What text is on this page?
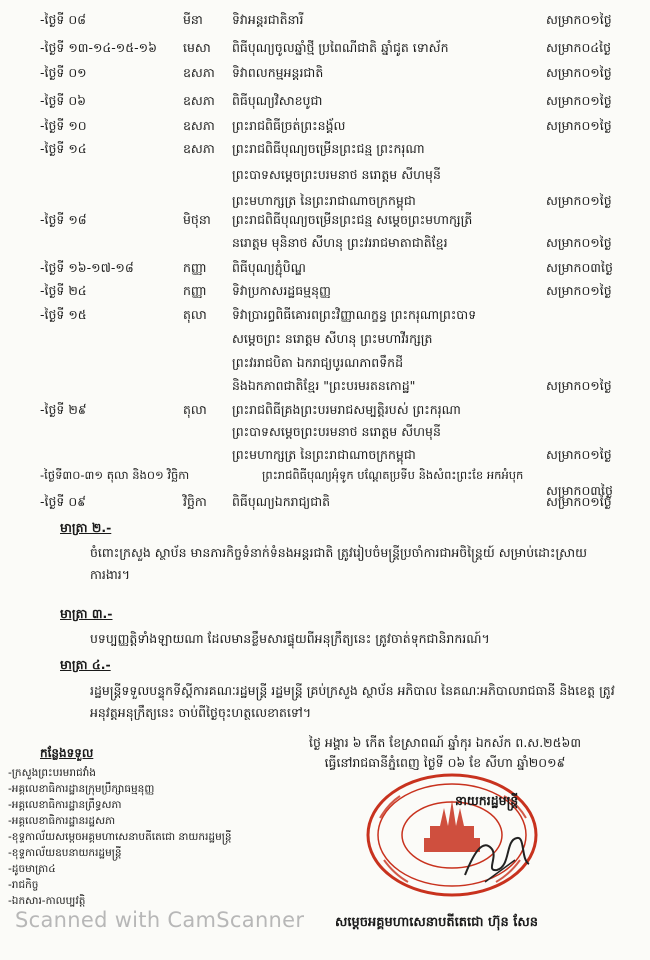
-ថ្ងៃទី ០៨	មីនា ទិវាអន្តរជាតិនារី	សម្រាក០១ថ្ងៃ
-ថ្ងៃទី ១៣-១៤-១៥-១៦ មេសា ពិធីបុណ្យចូលឆ្នាំថ្មី ប្រពៃណីជាតិ ឆ្នាំជូត ទោស័ក	សម្រាក០៤ថ្ងៃ
-ថ្ងៃទី ០១	ឧសភា ទិវាពលកម្មអន្តរជាតិ	សម្រាក០១ថ្ងៃ
-ថ្ងៃទី ០៦	ឧសភា ពិធីបុណ្យវិសាខបូជា	សម្រាក០១ថ្ងៃ
-ថ្ងៃទី ១០	ឧសភា ព្រះរាជពិធីច្រត់ព្រះនង្គ័ល	សម្រាក០១ថ្ងៃ
-ថ្ងៃទី ១៤	ឧសភា ព្រះរាជពិធីបុណ្យចម្រើនព្រះជន្ម ព្រះករុណា
ព្រះបាទសម្តេចព្រះបរមនាថ នរោត្តម សីហមុនី
ព្រះមហាក្សត្រ នៃព្រះរាជាណាចក្រកម្ពុជា	សម្រាក០១ថ្ងៃ
-ថ្ងៃទី ១៨	មិថុនា ព្រះរាជពិធីបុណ្យចម្រើនព្រះជន្ម សម្តេចព្រះមហាក្សត្រី
នរោត្តម មុនិនាថ សីហនុ ព្រះវររាជមាតាជាតិខ្មែរ	សម្រាក០១ថ្ងៃ
-ថ្ងៃទី ១៦-១៧-១៨	កញ្ញា ពិធីបុណ្យភ្ជុំបិណ្ឌ	សម្រាក០៣ថ្ងៃ
-ថ្ងៃទី ២៤	កញ្ញា ទិវាប្រកាសរដ្ឋធម្មនុញ្ញ	សម្រាក០១ថ្ងៃ
-ថ្ងៃទី ១៥	តុលា ទិវាប្រារព្ធពិធីគោរពព្រះវិញ្ញាណក្ខន្ធ ព្រះករុណាព្រះបាទ
សម្តេចព្រះ នរោត្តម សីហនុ ព្រះមហាវីរក្សត្រ
ព្រះវររាជបិតា ឯករាជ្យបូរណភាពទឹកដី
និងឯកភាពជាតិខ្មែរ "ព្រះបរមរតនកោដ្ឋ"	សម្រាក០១ថ្ងៃ
-ថ្ងៃទី ២៩	តុលា ព្រះរាជពិធីគ្រងព្រះបរមរាជសម្បត្តិរបស់ ព្រះករុណា
ព្រះបាទសម្តេចព្រះបរមនាថ នរោត្តម សីហមុនី
ព្រះមហាក្សត្រ នៃព្រះរាជាណាចក្រកម្ពុជា	សម្រាក០១ថ្ងៃ
-ថ្ងៃទី៣០-៣១ តុលា និង០១ វិច្ឆិកា	ព្រះរាជពិធីបុណ្យអុំទូក បណ្តែតប្រទីប និងសំពះព្រះខែ អកអំបុក
សម្រាក០៣ថ្ងៃ
-ថ្ងៃទី ០៩	វិច្ឆិកា ពិធីបុណ្យឯករាជ្យជាតិ	សម្រាក០១ថ្ងៃ
មាត្រា ២.-
ចំពោះក្រសួង ស្ថាប័ន មានភារកិច្ចទំនាក់ទំនងអន្តរជាតិ ត្រូវរៀបចំមន្ត្រីប្រចាំការជាអចិន្ត្រៃយ៍ សម្រាប់ដោះស្រាយការងារ។
មាត្រា ៣.-
បទប្បញ្ញត្តិទាំងឡាយណា ដែលមានខ្លឹមសារផ្ទុយពីអនុក្រឹត្យនេះ ត្រូវចាត់ទុកជានិរាករណ៍។
មាត្រា ៤.-
រដ្ឋមន្ត្រីទទួលបន្ទុកទីស្តីការគណៈរដ្ឋមន្ត្រី រដ្ឋមន្ត្រី គ្រប់ក្រសួង ស្ថាប័ន អភិបាល នៃគណៈអភិបាលរាជធានី និងខេត្ត ត្រូវអនុវត្តអនុក្រឹត្យនេះ ចាប់ពីថ្ងៃចុះហត្ថលេខាតទៅ។
ថ្ងៃ អង្គារ ៦ កើត ខែស្រាពណ៍ ឆ្នាំកុរ ឯកស័ក ព.ស.២៥៦៣
ធ្វើនៅរាជធានីភ្នំពេញ ថ្ងៃទី ០៦ ខែ សីហា ឆ្នាំ២០១៩
នាយករដ្ឋមន្ត្រី
សម្តេចអគ្គមហាសេនាបតីតេជោ ហ៊ុន សែន
កន្លែងទទួល
-ក្រសួងព្រះបរមរាជវាំង
-អគ្គលេខាធិការដ្ឋានក្រុមប្រឹក្សាធម្មនុញ្ញ
-អគ្គលេខាធិការដ្ឋានព្រឹទ្ធសភា
-អគ្គលេខាធិការដ្ឋានរដ្ឋសភា
-ខុទ្ទកាល័យសម្តេចអគ្គមហាសេនាបតីតេជោ នាយករដ្ឋមន្ត្រី
-ខុទ្ទកាល័យឧបនាយករដ្ឋមន្ត្រី
-ដូចមាត្រា៤
-រាជកិច្ច
-ឯកសារ-កាលប្បវត្តិ
Scanned with CamScanner
